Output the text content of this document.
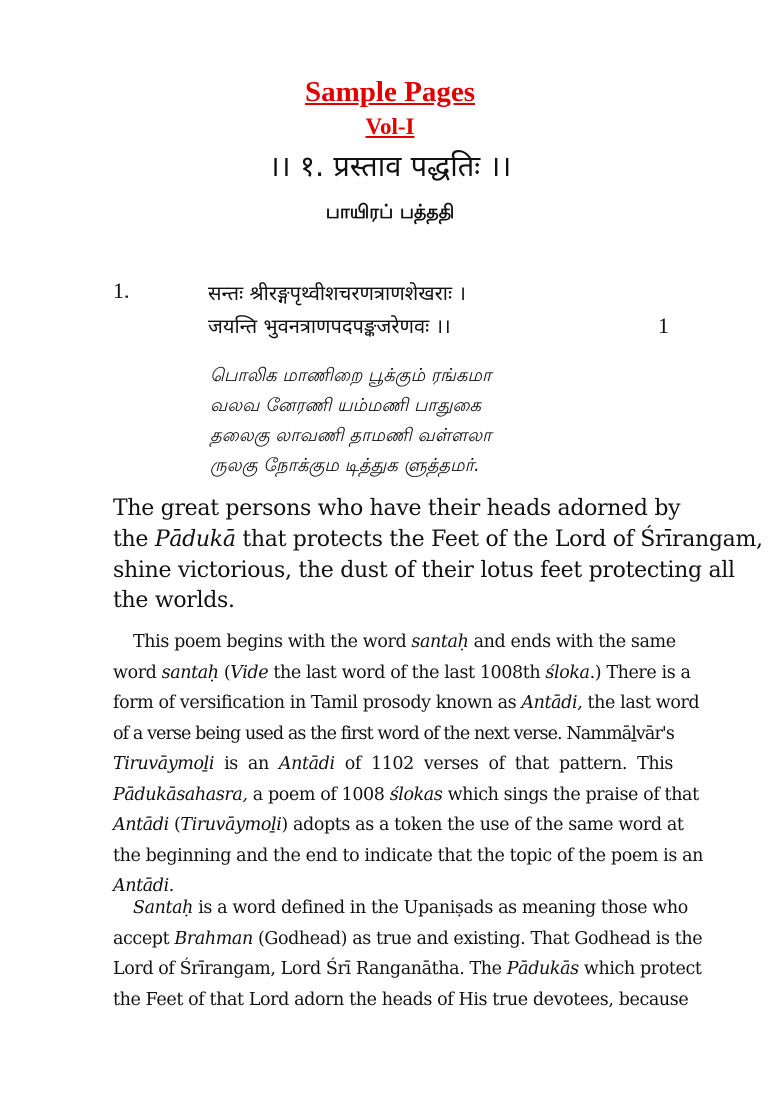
Sample Pages
Vol-I
।। १. प्रस्ताव पद्धतिः ।।
பாயிரப் பத்ததி
1.	सन्तः श्रीरङ्गपृथ्वीशचरणत्राणशेखराः ।
जयन्ति भुवनत्राणपदपङ्कजरेणवः ।।	1
பொலிக மாணிறை பூக்கும் ரங்கமா
வலவ னேரணி யம்மணி பாதுகை
தலைகு லாவணி தாமணி வள்ளலா
ருலகு நோக்கும டித்துக ளுத்தமர்.
The great persons who have their heads adorned by
the Pādukā that protects the Feet of the Lord of Śrīrangam,
shine victorious, the dust of their lotus feet protecting all
the worlds.
This poem begins with the word santaḥ and ends with the same
word santaḥ (Vide the last word of the last 1008th śloka.) There is a
form of versification in Tamil prosody known as Antādi, the last word
of a verse being used as the first word of the next verse. Nammāḻvār's
Tiruvāymoḻi is an Antādi of 1102 verses of that pattern. This
Pādukāsahasra, a poem of 1008 ślokas which sings the praise of that
Antādi (Tiruvāymoḻi) adopts as a token the use of the same word at
the beginning and the end to indicate that the topic of the poem is an
Antādi.
Santaḥ is a word defined in the Upaniṣads as meaning those who
accept Brahman (Godhead) as true and existing. That Godhead is the
Lord of Śrīrangam, Lord Śrī Ranganātha. The Pādukās which protect
the Feet of that Lord adorn the heads of His true devotees, because
